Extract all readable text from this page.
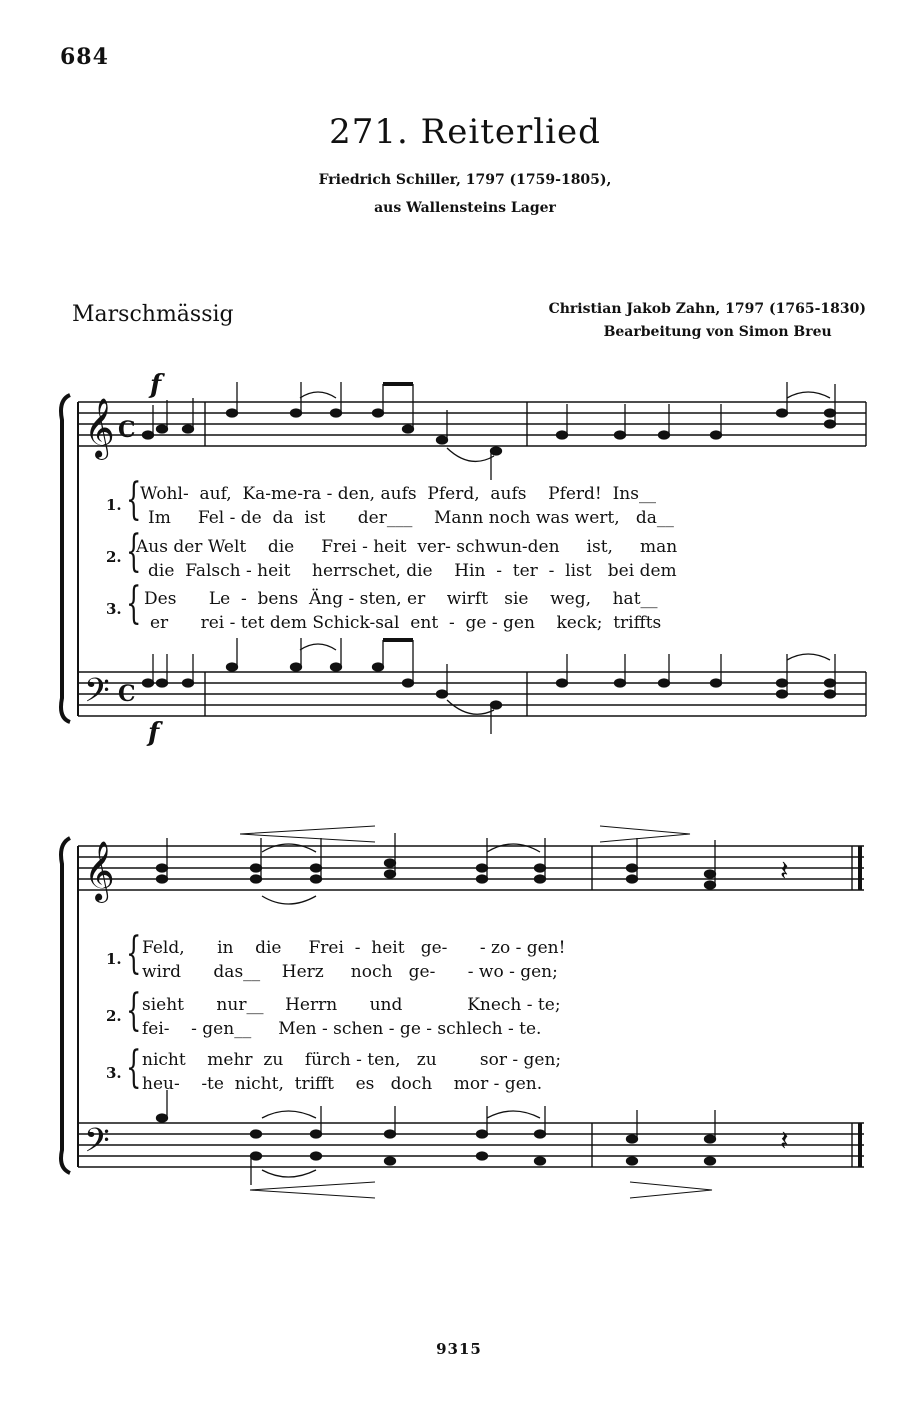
684
271. Reiterlied
Friedrich Schiller, 1797 (1759-1805),
aus Wallensteins Lager
Marschmässig	Christian Jakob Zahn, 1797 (1765-1830)
Bearbeitung von Simon Breu
𝄞
𝄢
C
C
𝄞
𝄢
𝄽
𝄽
f
f
1. {
Wohl-  auf,  Ka-me-ra - den, aufs  Pferd,  aufs    Pferd!  Ins__
Im     Fel - de  da  ist      der___    Mann noch was wert,   da__
2. {
Aus der Welt    die     Frei - heit  ver- schwun-den     ist,     man
die  Falsch - heit    herrschet, die    Hin  -  ter  -  list   bei dem
3. { Des      Le  -  bens  Äng - sten, er    wirft   sie    weg,    hat__
er      rei - tet dem Schick-sal  ent  -  ge - gen    keck;  triffts
1. { Feld,      in    die     Frei  -  heit   ge-      - zo - gen!
wird      das__    Herz     noch   ge-      - wo - gen;
2. { sieht      nur__    Herrn      und            Knech - te;
fei-    - gen__     Men - schen - ge - schlech - te.
3. { nicht    mehr  zu    fürch - ten,   zu        sor - gen;
heu-    -te  nicht,  trifft    es   doch    mor - gen.
9315
